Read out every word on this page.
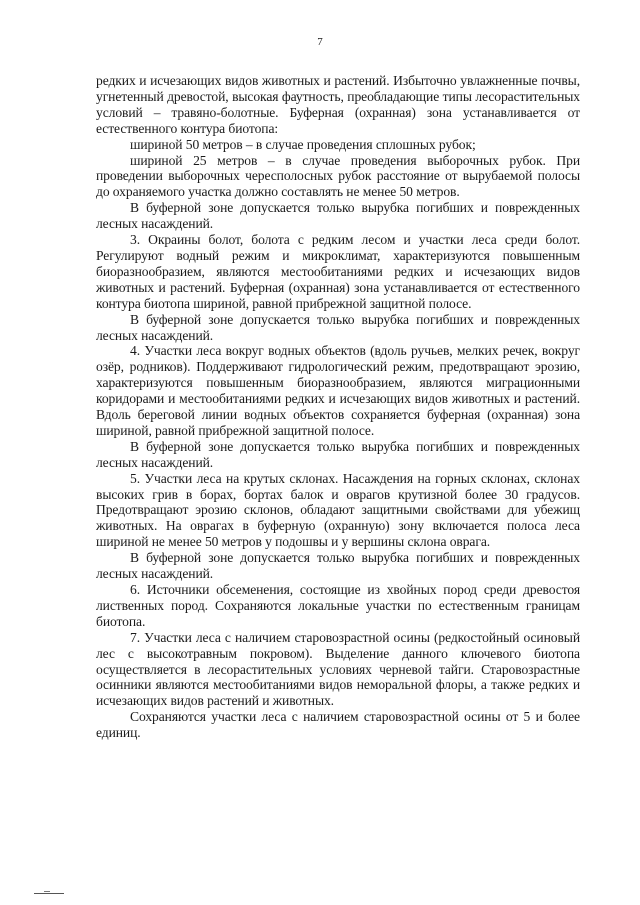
7

редких и исчезающих видов животных и растений. Избыточно увлажненные почвы, угнетенный древостой, высокая фаутность, преобладающие типы лесорастительных условий – травяно-болотные. Буферная (охранная) зона устанавливается от естественного контура биотопа:

шириной 50 метров – в случае проведения сплошных рубок;

шириной 25 метров – в случае проведения выборочных рубок. При проведении выборочных чересполосных рубок расстояние от вырубаемой полосы до охраняемого участка должно составлять не менее 50 метров.

В буферной зоне допускается только вырубка погибших и поврежденных лесных насаждений.

3. Окраины болот, болота с редким лесом и участки леса среди болот. Регулируют водный режим и микроклимат, характеризуются повышенным биоразнообразием, являются местообитаниями редких и исчезающих видов животных и растений. Буферная (охранная) зона устанавливается от естественного контура биотопа шириной, равной прибрежной защитной полосе.

В буферной зоне допускается только вырубка погибших и поврежденных лесных насаждений.

4. Участки леса вокруг водных объектов (вдоль ручьев, мелких речек, вокруг озёр, родников). Поддерживают гидрологический режим, предотвращают эрозию, характеризуются повышенным биоразнообразием, являются миграционными коридорами и местообитаниями редких и исчезающих видов животных и растений. Вдоль береговой линии водных объектов сохраняется буферная (охранная) зона шириной, равной прибрежной защитной полосе.

В буферной зоне допускается только вырубка погибших и поврежденных лесных насаждений.

5. Участки леса на крутых склонах. Насаждения на горных склонах, склонах высоких грив в борах, бортах балок и оврагов крутизной более 30 градусов. Предотвращают эрозию склонов, обладают защитными свойствами для убежищ животных. На оврагах в буферную (охранную) зону включается полоса леса шириной не менее 50 метров у подошвы и у вершины склона оврага.

В буферной зоне допускается только вырубка погибших и поврежденных лесных насаждений.

6. Источники обсеменения, состоящие из хвойных пород среди древостоя лиственных пород. Сохраняются локальные участки по естественным границам биотопа.

7. Участки леса с наличием старовозрастной осины (редкостойный осиновый лес с высокотравным покровом). Выделение данного ключевого биотопа осуществляется в лесорастительных условиях черневой тайги. Старовозрастные осинники являются местообитаниями видов неморальной флоры, а также редких и исчезающих видов растений и животных.

Сохраняются участки леса с наличием старовозрастной осины от 5 и более единиц.
